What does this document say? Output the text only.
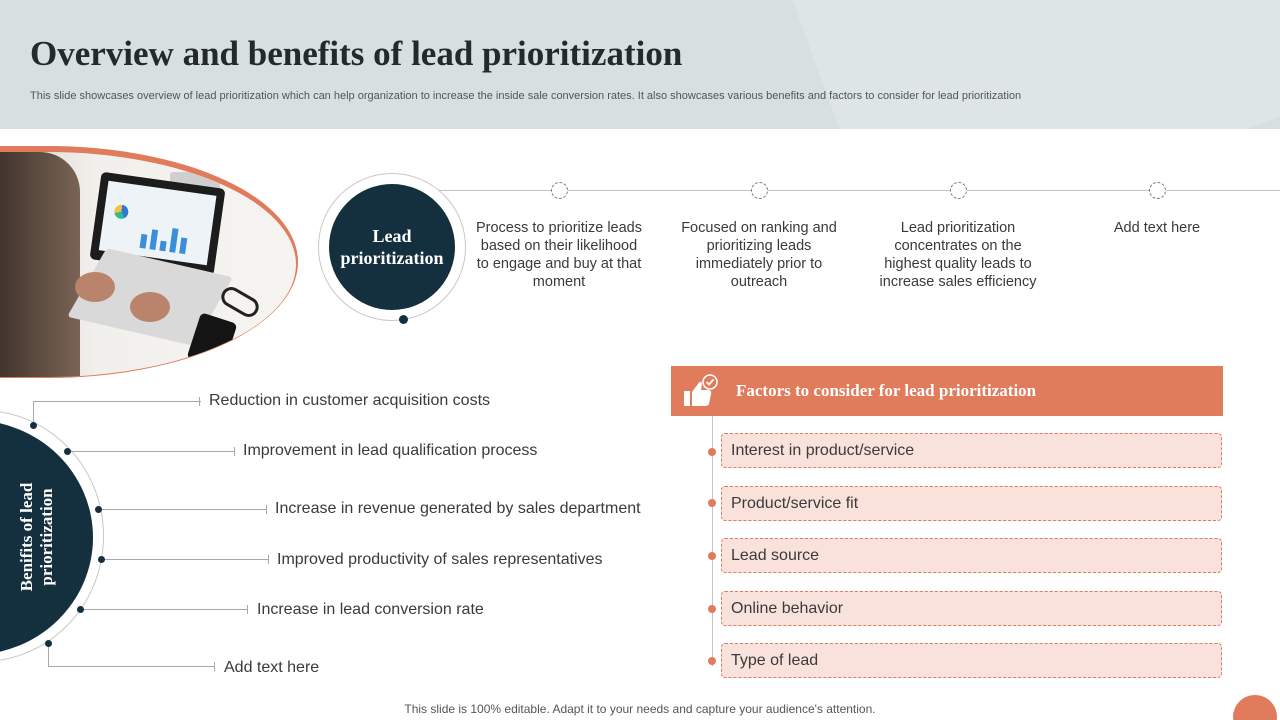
Overview and benefits of lead prioritization

This slide showcases overview of lead prioritization which can help organization to increase the inside sale conversion rates. It also showcases various benefits and factors to consider for lead prioritization

Lead prioritization
Process to prioritize leads based on their likelihood to engage and buy at that moment
Focused on ranking and prioritizing leads immediately prior to outreach
Lead prioritization concentrates on the highest quality leads to increase sales efficiency
Add text here
Benifits of lead prioritization
Reduction in customer acquisition costs
Improvement in lead qualification process
Increase in revenue generated by sales department
Improved productivity of sales representatives
Increase in lead conversion rate
Add text here
Factors to consider for lead prioritization
Interest in product/service
Product/service fit
Lead source
Online behavior
Type of lead
This slide is 100% editable. Adapt it to your needs and capture your audience's attention.
